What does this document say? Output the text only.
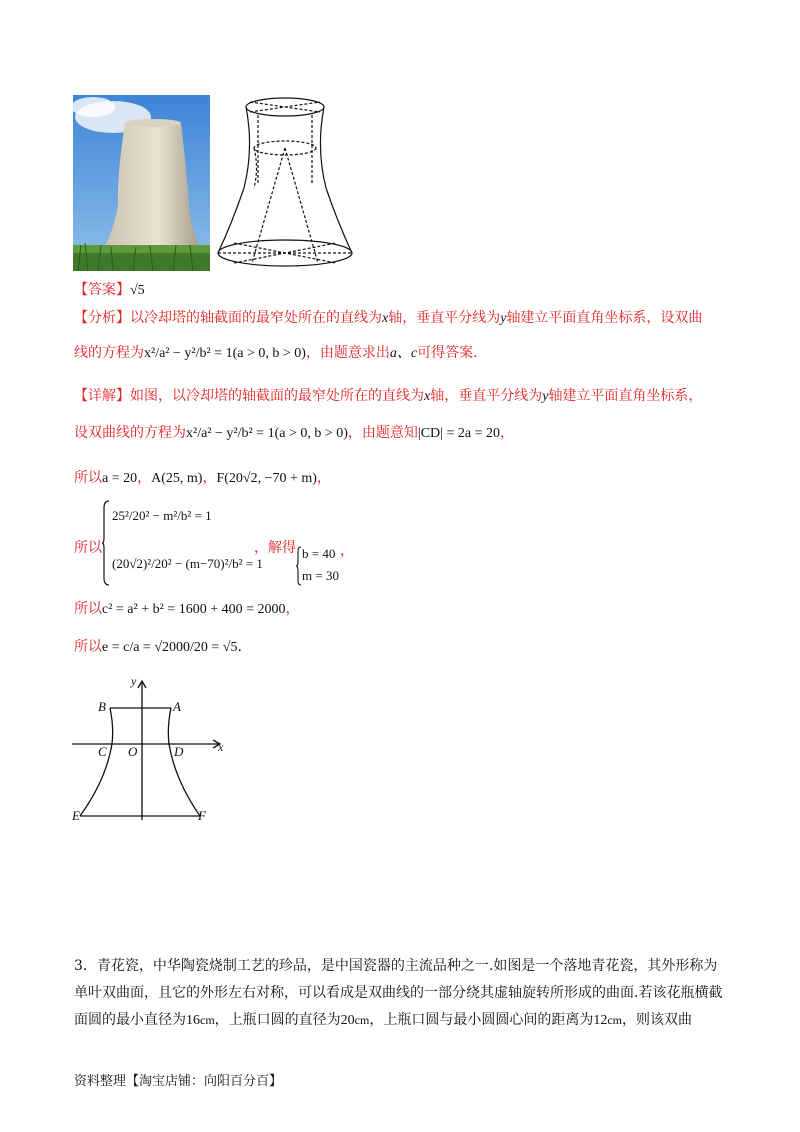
【答案】√5
【分析】以冷却塔的轴截面的最窄处所在的直线为x轴，垂直平分线为y轴建立平面直角坐标系，设双曲
线的方程为x²/a² − y²/b² = 1(a > 0, b > 0)，由题意求出a、c可得答案.
【详解】如图，以冷却塔的轴截面的最窄处所在的直线为x轴，垂直平分线为y轴建立平面直角坐标系，
设双曲线的方程为x²/a² − y²/b² = 1(a > 0, b > 0)，由题意知|CD| = 2a = 20，
所以a = 20，A(25, m)，F(20√2, −70 + m)，
所以
25²/20² − m²/b² = 1
(20√2)²/20² − (m−70)²/b² = 1
，解得 b = 40
m = 30
，
所以c² = a² + b² = 1600 + 400 = 2000，
所以e = c/a = √2000/20 = √5.
y
B	A
C O	D	x
E	F
3．青花瓷，中华陶瓷烧制工艺的珍品，是中国瓷器的主流品种之一.如图是一个落地青花瓷，其外形称为
单叶双曲面，且它的外形左右对称，可以看成是双曲线的一部分绕其虚轴旋转所形成的曲面.若该花瓶横截
面圆的最小直径为16cm，上瓶口圆的直径为20cm，上瓶口圆与最小圆圆心间的距离为12cm，则该双曲
资料整理【淘宝店铺：向阳百分百】
